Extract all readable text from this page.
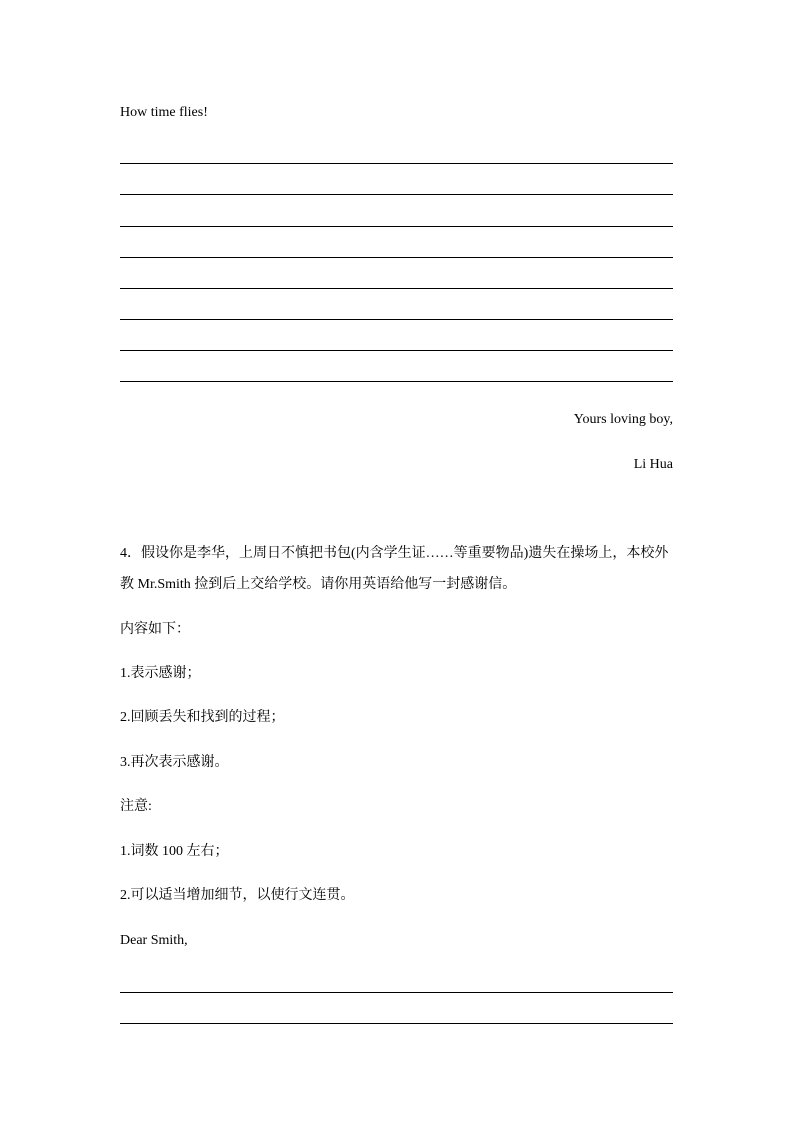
How time flies!
Yours loving boy,
Li Hua
4．假设你是李华，上周日不慎把书包(内含学生证……等重要物品)遗失在操场上，本校外
教 Mr.Smith 捡到后上交给学校。请你用英语给他写一封感谢信。
内容如下：
1.表示感谢；
2.回顾丢失和找到的过程；
3.再次表示感谢。
注意:
1.词数 100 左右；
2.可以适当增加细节，以使行文连贯。
Dear Smith,
